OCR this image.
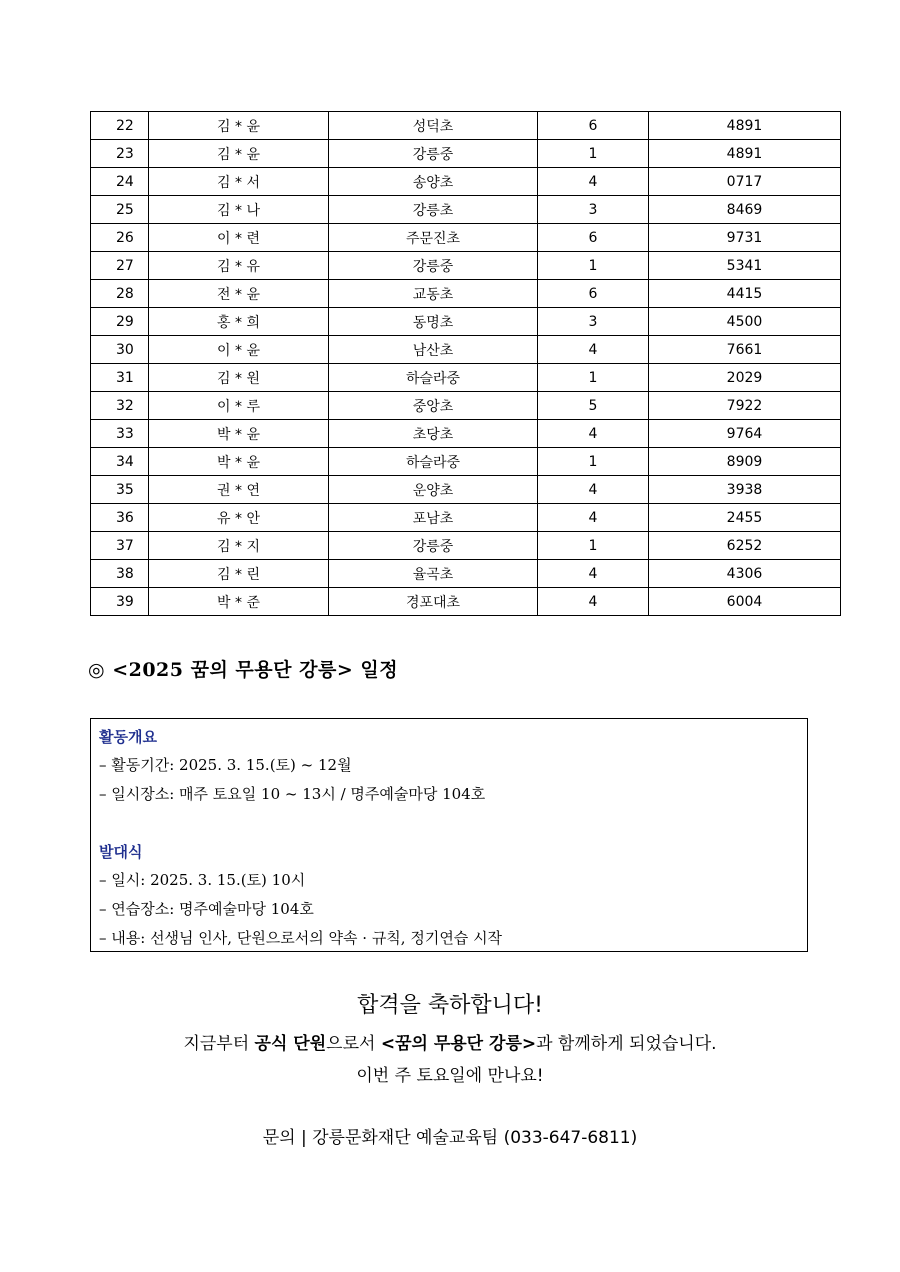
22	김 * 윤	성덕초	6	4891
23	김 * 윤	강릉중	1	4891
24	김 * 서	송양초	4	0717
25	김 * 나	강릉초	3	8469
26	이 * 련	주문진초	6	9731
27	김 * 유	강릉중	1	5341
28	전 * 윤	교동초	6	4415
29	홍 * 희	동명초	3	4500
30	이 * 윤	남산초	4	7661
31	김 * 원	하슬라중	1	2029
32	이 * 루	중앙초	5	7922
33	박 * 윤	초당초	4	9764
34	박 * 윤	하슬라중	1	8909
35	권 * 연	운양초	4	3938
36	유 * 안	포남초	4	2455
37	김 * 지	강릉중	1	6252
38	김 * 린	율곡초	4	4306
39	박 * 준	경포대초	4	6004
◎ <2025 꿈의 무용단 강릉> 일정
활동개요
– 활동기간: 2025. 3. 15.(토) ~ 12월
– 일시장소: 매주 토요일 10 ~ 13시 / 명주예술마당 104호
발대식
– 일시: 2025. 3. 15.(토) 10시
– 연습장소: 명주예술마당 104호
– 내용: 선생님 인사, 단원으로서의 약속 · 규칙, 정기연습 시작
합격을 축하합니다!
지금부터 공식 단원으로서 <꿈의 무용단 강릉>과 함께하게 되었습니다.
이번 주 토요일에 만나요!
문의 | 강릉문화재단 예술교육팀 (033-647-6811)
